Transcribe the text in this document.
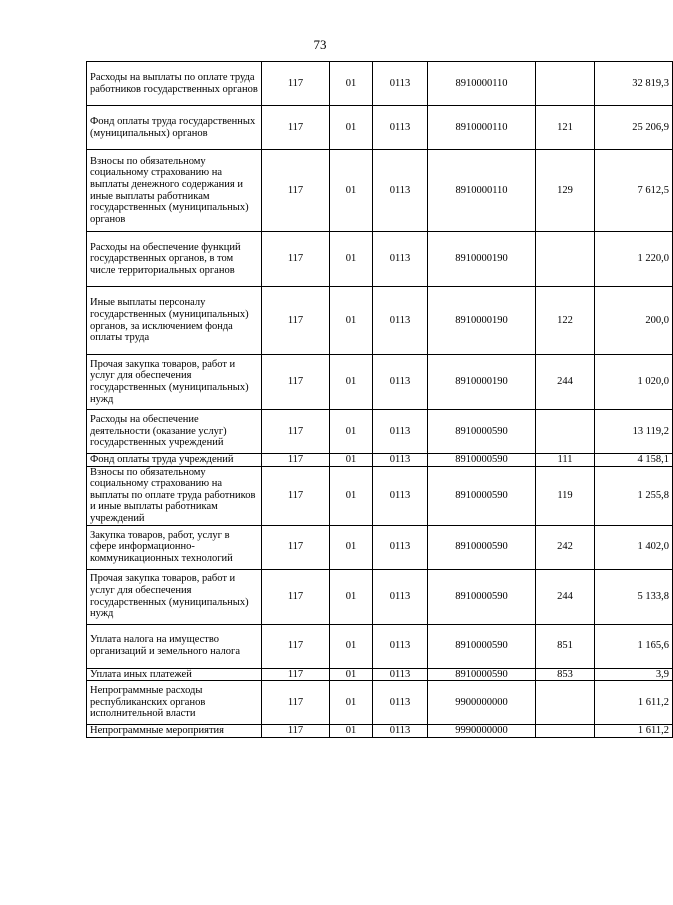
73
Расходы на выплаты по оплате труда работников государственных органов	117	01	0113	8910000110		32 819,3
Фонд оплаты труда государственных (муниципальных) органов	117	01	0113	8910000110	121	25 206,9
Взносы по обязательному социальному страхованию на выплаты денежного содержания и иные выплаты работникам государственных (муниципальных) органов	117	01	0113	8910000110	129	7 612,5
Расходы на обеспечение функций государственных органов, в том числе территориальных органов	117	01	0113	8910000190		1 220,0
Иные выплаты персоналу государственных (муниципальных) органов, за исключением фонда оплаты труда	117	01	0113	8910000190	122	200,0
Прочая закупка товаров, работ и услуг для обеспечения государственных (муниципальных) нужд	117	01	0113	8910000190	244	1 020,0
Расходы на обеспечение деятельности (оказание услуг) государственных учреждений	117	01	0113	8910000590		13 119,2
Фонд оплаты труда учреждений	117	01	0113	8910000590	111	4 158,1
Взносы по обязательному социальному страхованию на выплаты по оплате труда работников и иные выплаты работникам учреждений	117	01	0113	8910000590	119	1 255,8
Закупка товаров, работ, услуг в сфере информационно-коммуникационных технологий	117	01	0113	8910000590	242	1 402,0
Прочая закупка товаров, работ и услуг для обеспечения государственных (муниципальных) нужд	117	01	0113	8910000590	244	5 133,8
Уплата налога на имущество организаций и земельного налога	117	01	0113	8910000590	851	1 165,6
Уплата иных платежей	117	01	0113	8910000590	853	3,9
Непрограммные расходы республиканских органов исполнительной власти	117	01	0113	9900000000		1 611,2
Непрограммные мероприятия	117	01	0113	9990000000		1 611,2
